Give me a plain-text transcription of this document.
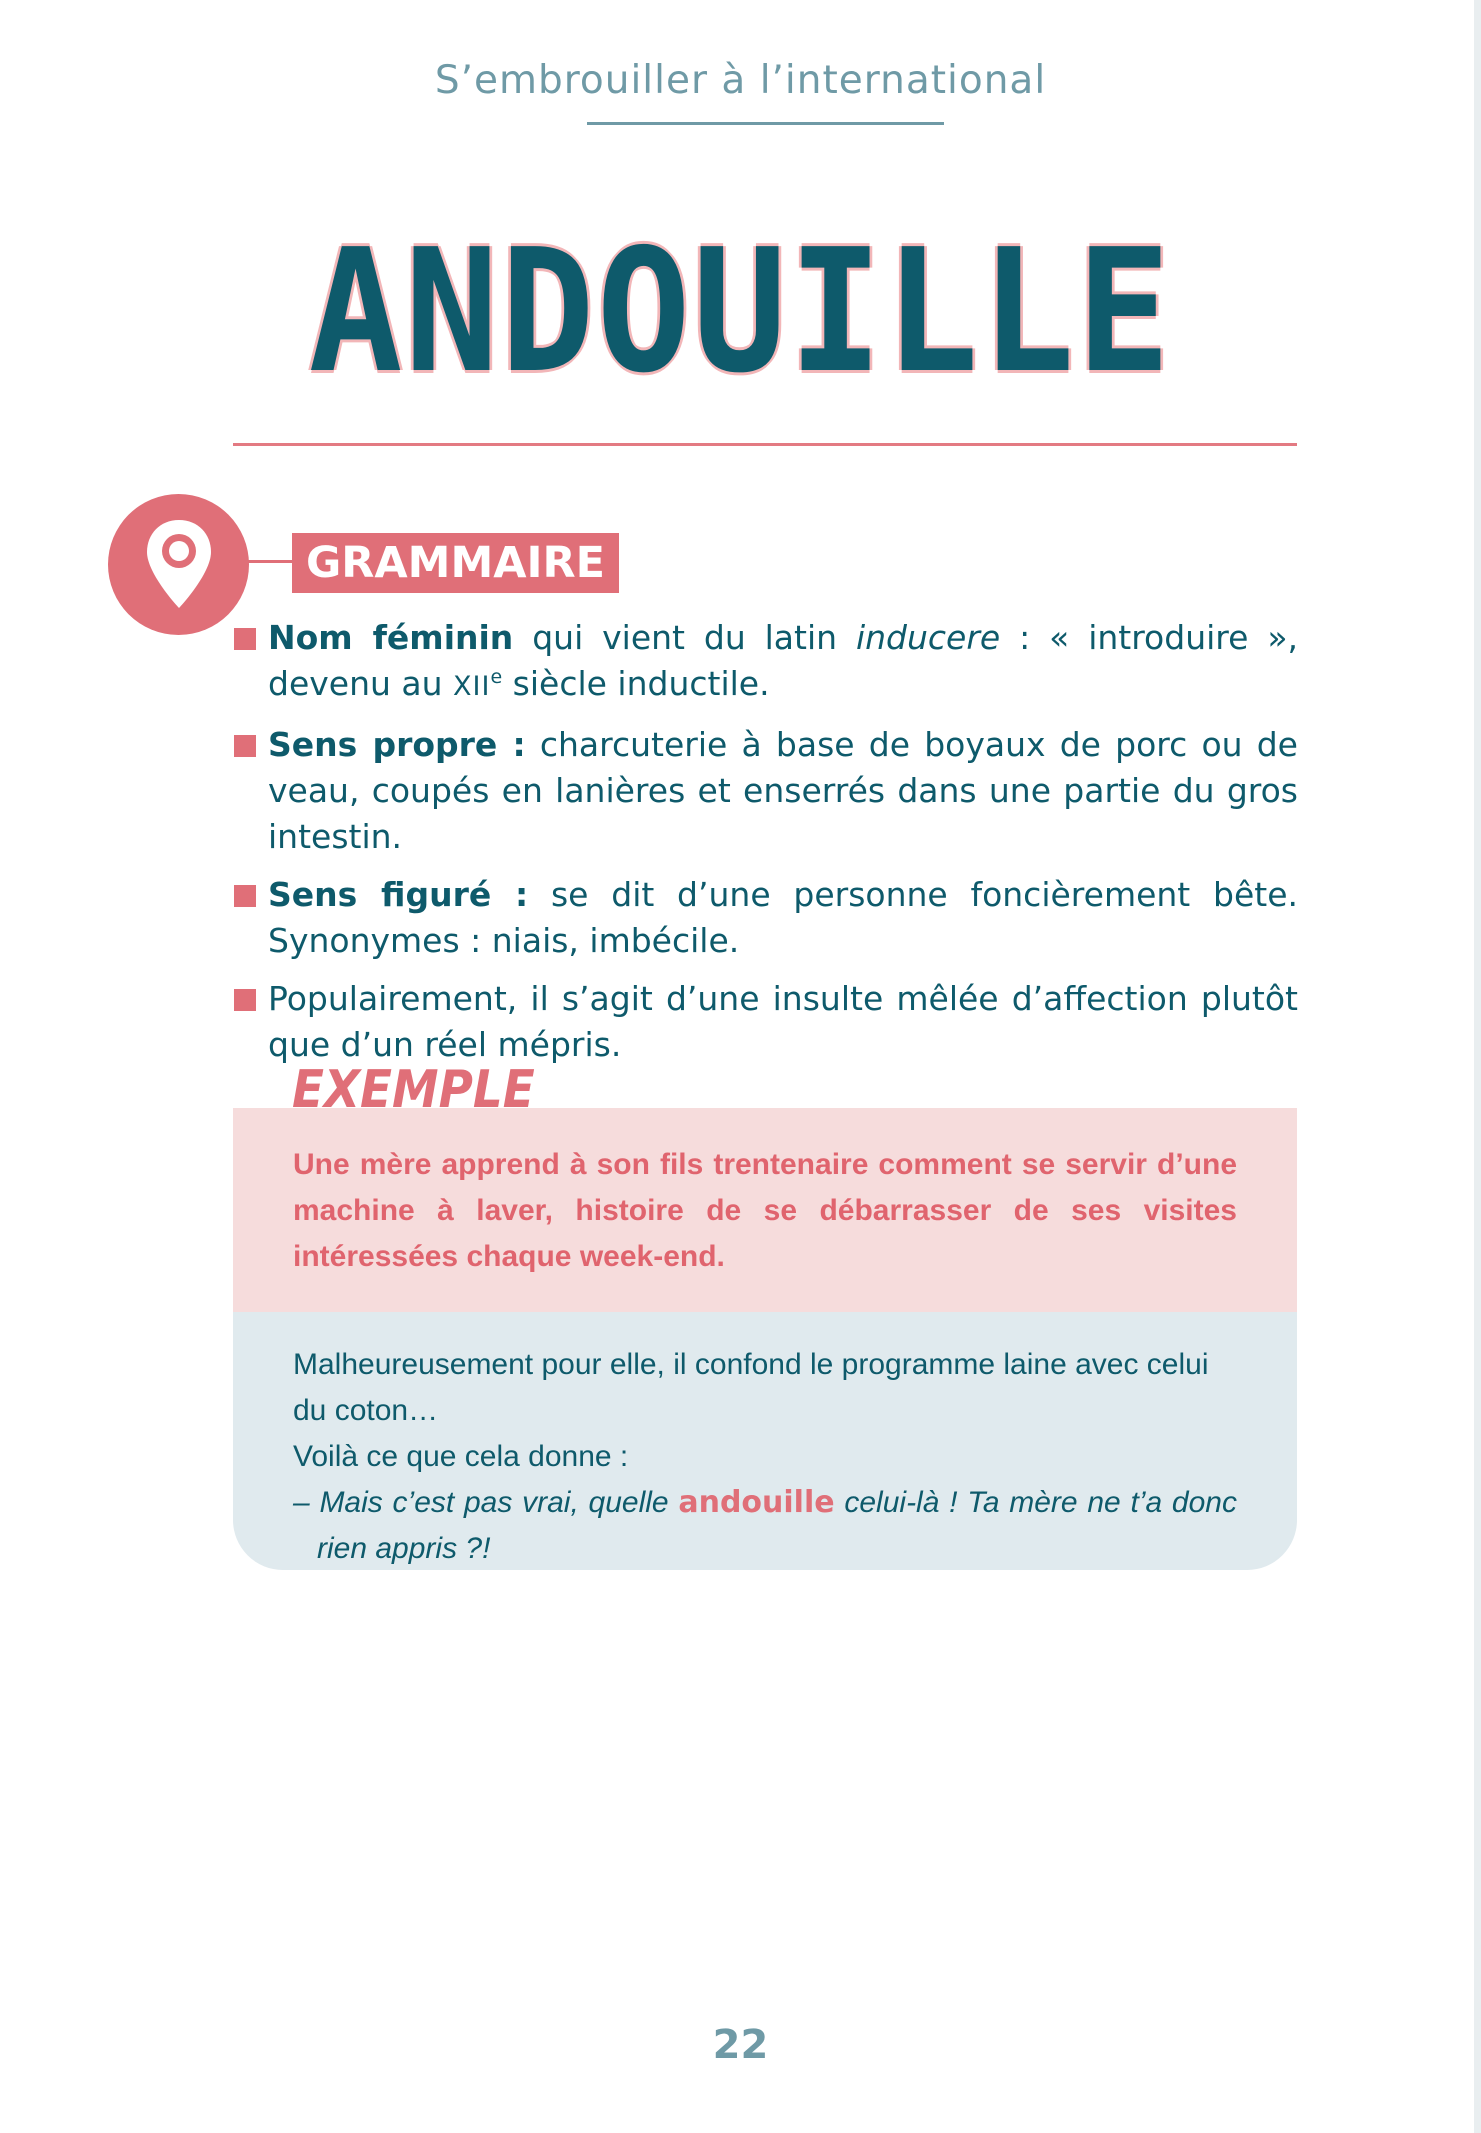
S’embrouiller à l’international
ANDOUILLE
GRAMMAIRE
Nom féminin qui vient du latin inducere : « introduire », devenu au XIIe siècle inductile.
Sens propre : charcuterie à base de boyaux de porc ou de veau, coupés en lanières et enserrés dans une partie du gros intestin.
Sens figuré : se dit d’une personne foncièrement bête. Synonymes : niais, imbécile.
Populairement, il s’agit d’une insulte mêlée d’affection plutôt que d’un réel mépris.

Une mère apprend à son fils trentenaire comment se servir d’une machine à laver, histoire de se débarrasser de ses visites intéressées chaque week-end.

EXEMPLE
Malheureusement pour elle, il confond le programme laine avec celui du coton…
Voilà ce que cela donne :
– Mais c’est pas vrai, quelle andouille celui-là ! Ta mère ne t’a donc rien appris ?!
22
